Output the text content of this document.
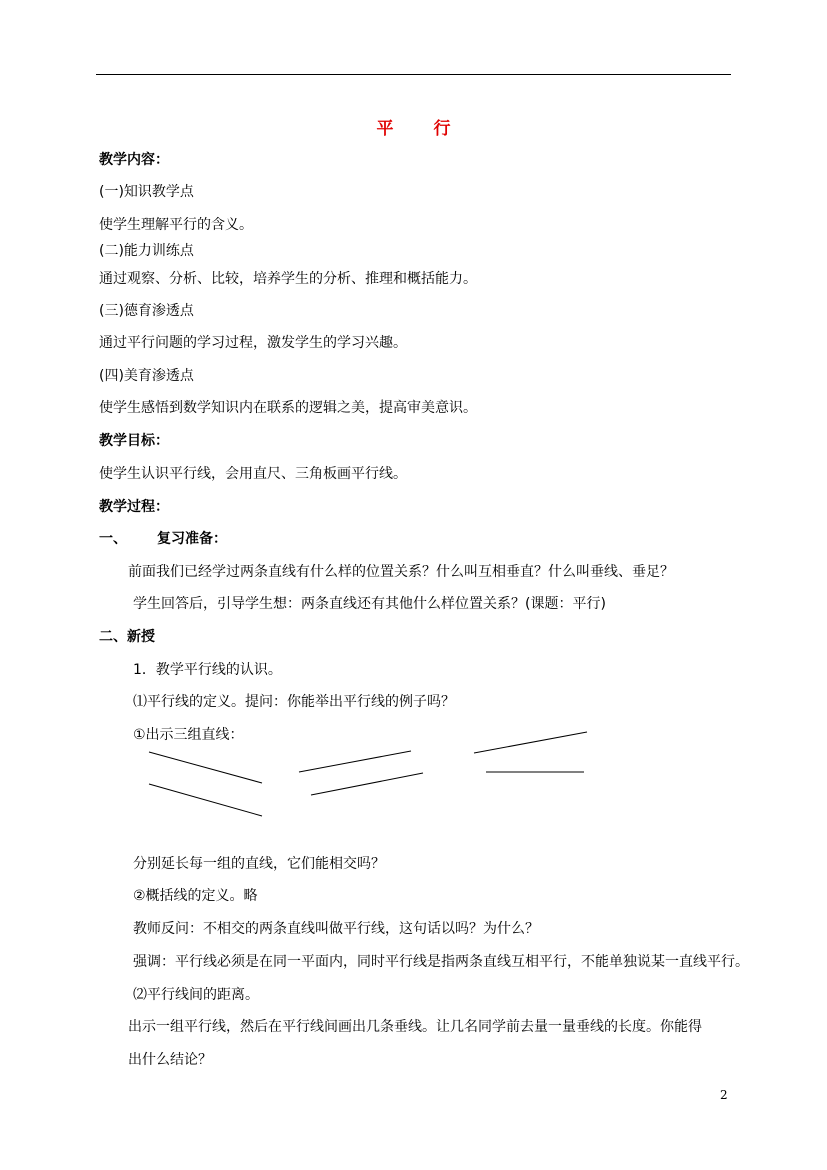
平 行
教学内容：
(一)知识教学点
使学生理解平行的含义。
(二)能力训练点
通过观察、分析、比较，培养学生的分析、推理和概括能力。
(三)德育渗透点
通过平行问题的学习过程，激发学生的学习兴趣。
(四)美育渗透点
使学生感悟到数学知识内在联系的逻辑之美，提高审美意识。
教学目标：
使学生认识平行线，会用直尺、三角板画平行线。
教学过程：
一、 复习准备：
前面我们已经学过两条直线有什么样的位置关系？什么叫互相垂直？什么叫垂线、垂足？
学生回答后，引导学生想：两条直线还有其他什么样位置关系？(课题：平行)
二、新授
1．教学平行线的认识。
⑴平行线的定义。提问：你能举出平行线的例子吗？
①出示三组直线：
分别延长每一组的直线，它们能相交吗？
②概括线的定义。略
教师反问：不相交的两条直线叫做平行线，这句话以吗？为什么？
强调：平行线必须是在同一平面内，同时平行线是指两条直线互相平行，不能单独说某一直线平行。
⑵平行线间的距离。
出示一组平行线，然后在平行线间画出几条垂线。让几名同学前去量一量垂线的长度。你能得
出什么结论？
2
